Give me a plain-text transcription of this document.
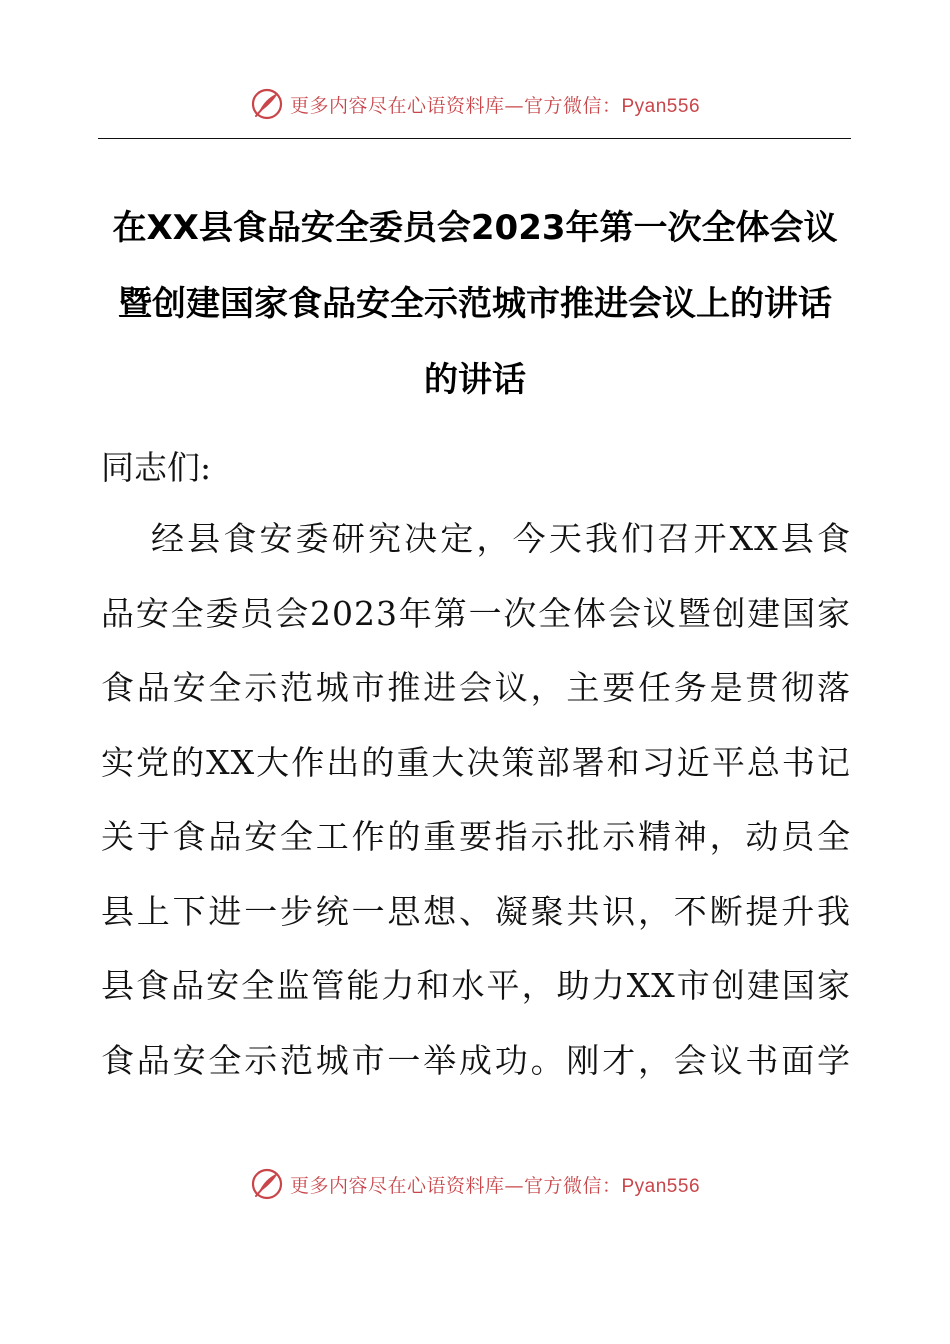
更多内容尽在心语资料库—官方微信：Pyan556
在XX县食品安全委员会2023年第一次全体会议
暨创建国家食品安全示范城市推进会议上的讲话
的讲话
同志们:
经县食安委研究决定，今天我们召开XX县食
品安全委员会2023年第一次全体会议暨创建国家
食品安全示范城市推进会议，主要任务是贯彻落
实党的XX大作出的重大决策部署和习近平总书记
关于食品安全工作的重要指示批示精神，动员全
县上下进一步统一思想、凝聚共识，不断提升我
县食品安全监管能力和水平，助力XX市创建国家
食品安全示范城市一举成功。刚才，会议书面学
更多内容尽在心语资料库—官方微信：Pyan556
